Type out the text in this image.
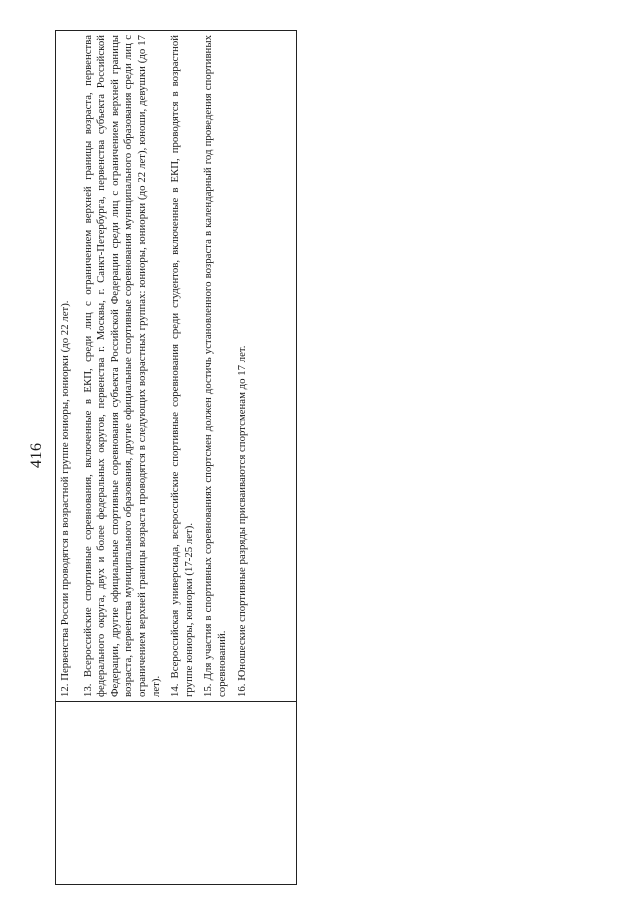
416 12. Первенства России проводятся в возрастной группе юниоры, юниорки (до 22 лет). 13. Всероссийские спортивные соревнования, включенные в ЕКП, среди лиц с ограничением верхней границы возраста, первенства федерального округа, двух и более федеральных округов, первенства г. Москвы, г. Санкт-Петербурга, первенства субъекта Российской Федерации, другие официальные спортивные соревнования субъекта Российской Федерации среди лиц с ограничением верхней границы возраста, первенства муниципального образования, другие официальные спортивные соревнования муниципального образования среди лиц с ограничением верхней границы возраста проводятся в следующих возрастных группах: юниоры, юниорки (до 22 лет), юноши, девушки (до 17 лет). 14. Всероссийская универсиада, всероссийские спортивные соревнования среди студентов, включенные в ЕКП, проводятся в возрастной группе юниоры, юниорки (17-25 лет). 15. Для участия в спортивных соревнованиях спортсмен должен достичь установленного возраста в календарный год проведения спортивных соревнований. 16. Юношеские спортивные разряды присваиваются спортсменам до 17 лет.
